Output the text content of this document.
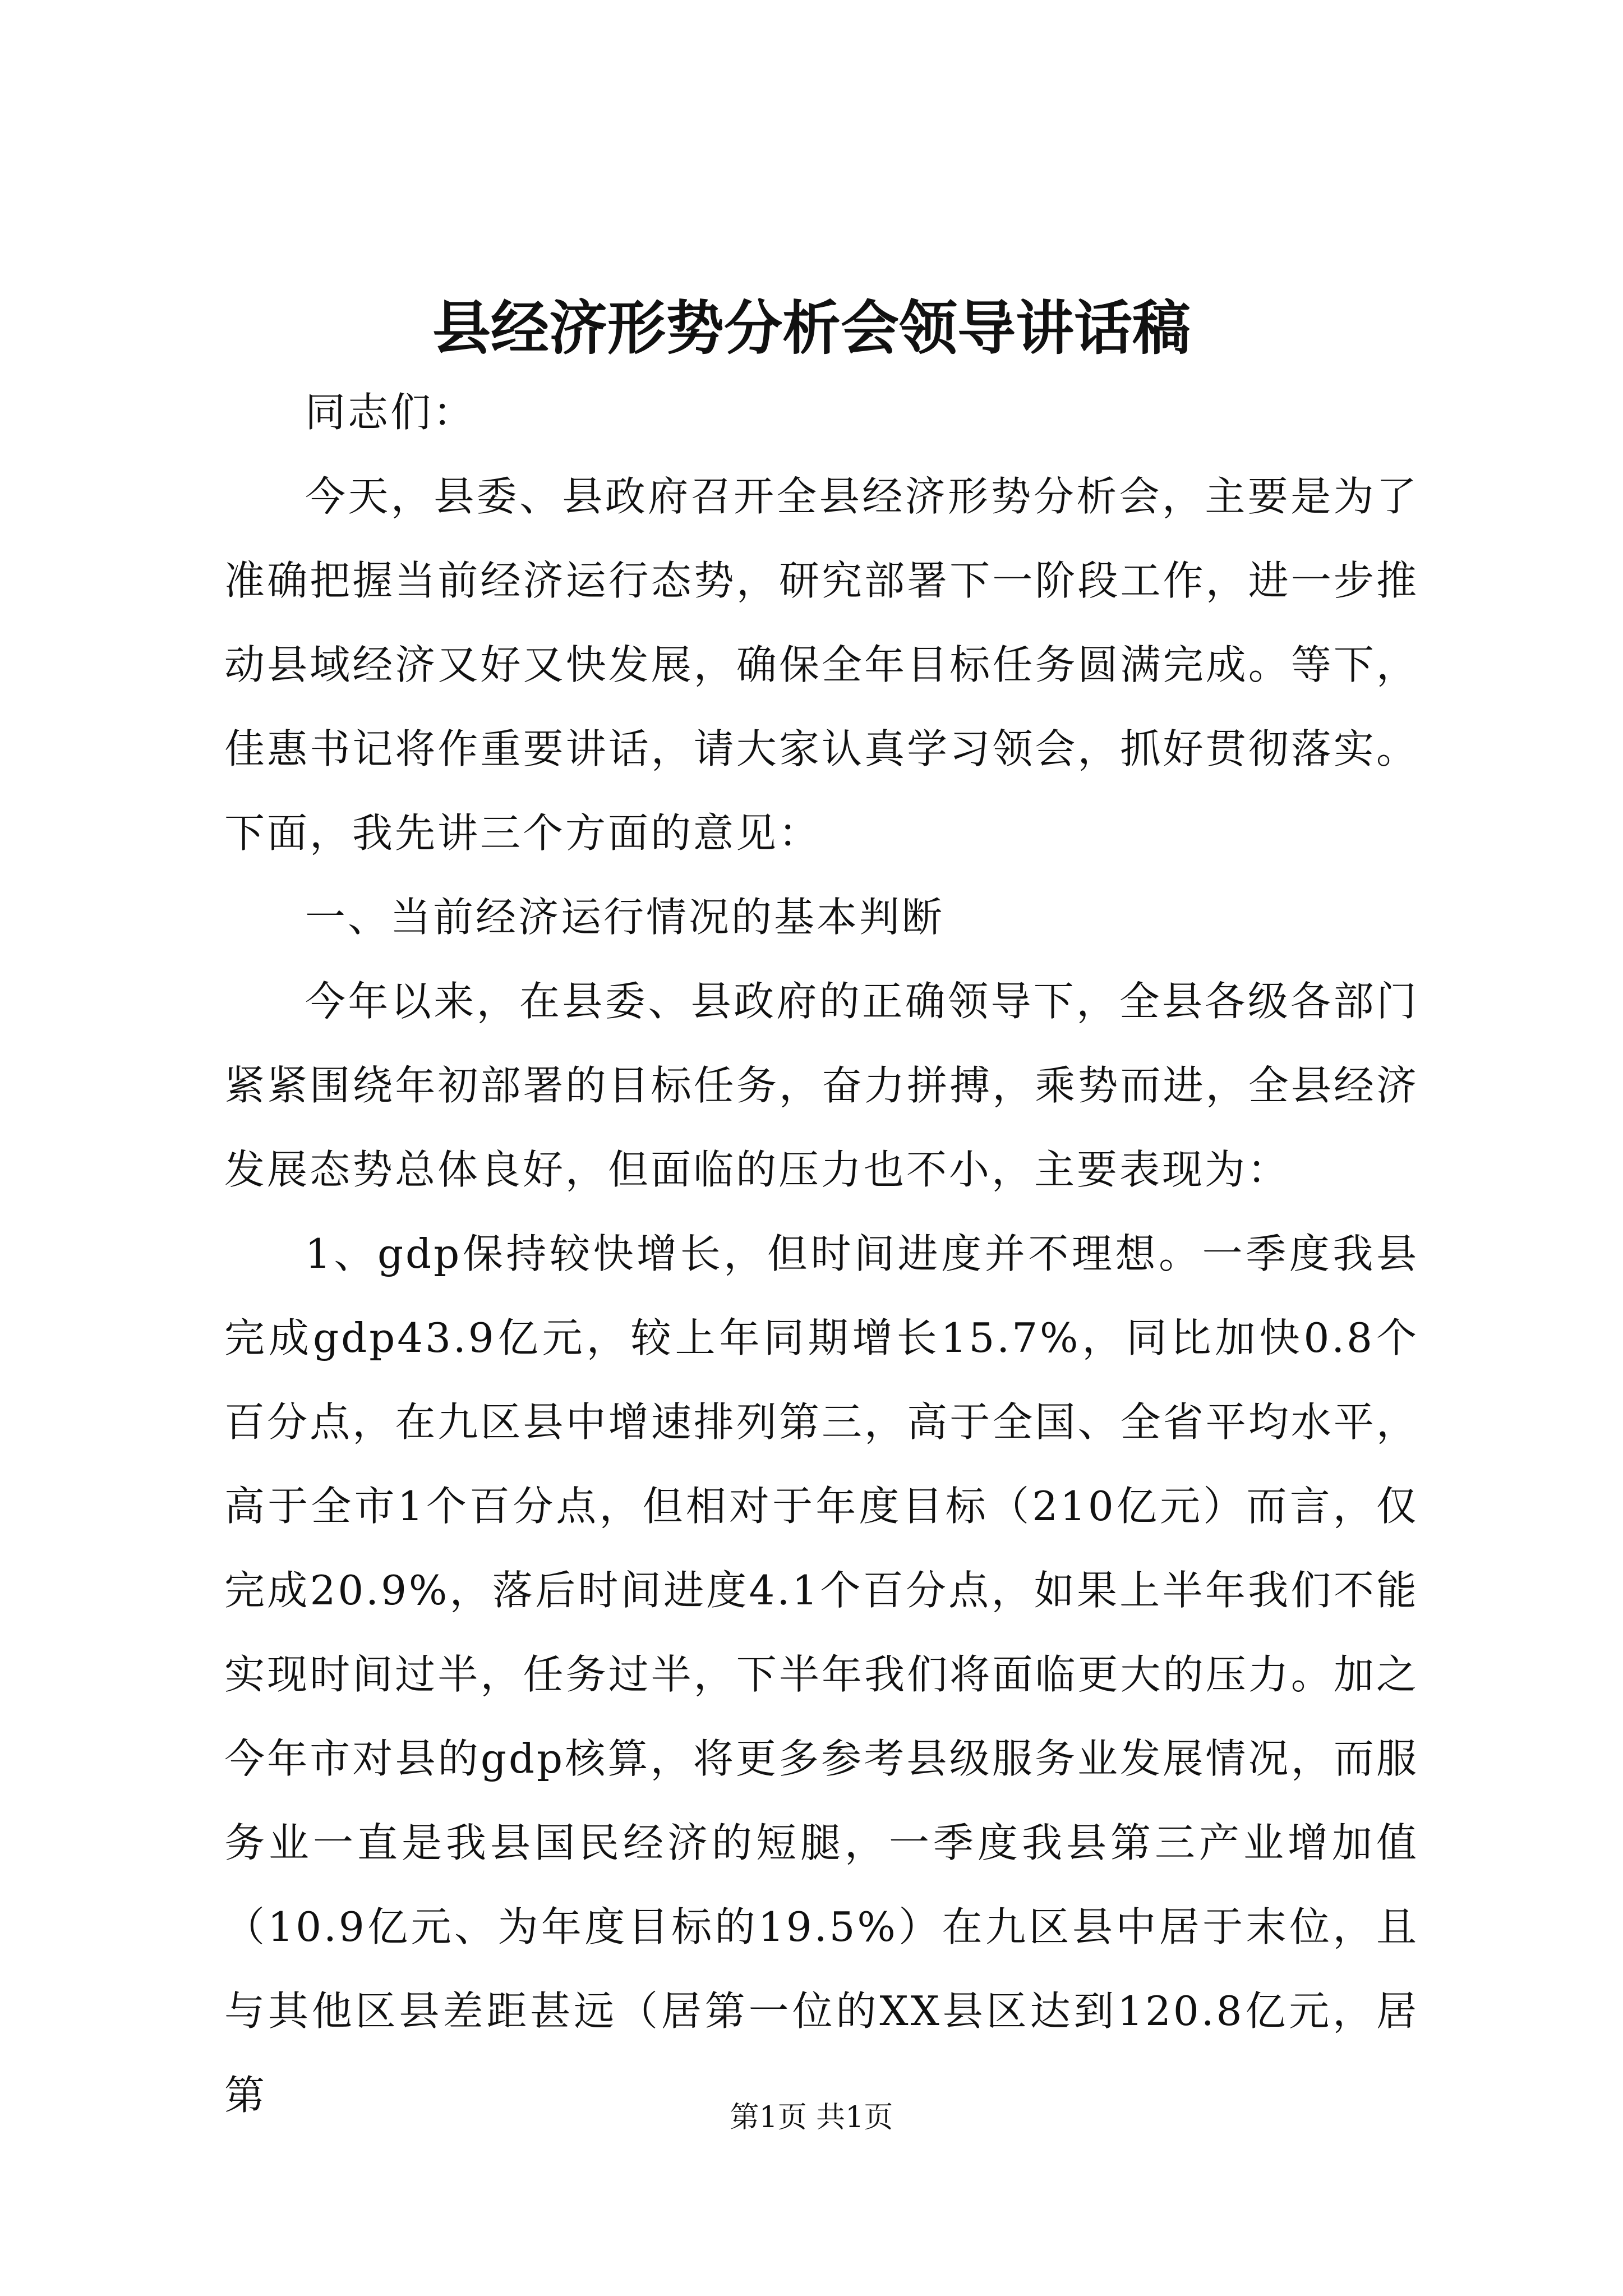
县经济形势分析会领导讲话稿

同志们：

今天，县委、县政府召开全县经济形势分析会，主要是为了准确把握当前经济运行态势，研究部署下一阶段工作，进一步推动县域经济又好又快发展，确保全年目标任务圆满完成。等下，佳惠书记将作重要讲话，请大家认真学习领会，抓好贯彻落实。下面，我先讲三个方面的意见：

一、当前经济运行情况的基本判断

今年以来，在县委、县政府的正确领导下，全县各级各部门紧紧围绕年初部署的目标任务，奋力拼搏，乘势而进，全县经济发展态势总体良好，但面临的压力也不小，主要表现为：

1、gdp保持较快增长，但时间进度并不理想。一季度我县完成gdp43.9亿元，较上年同期增长15.7%，同比加快0.8个百分点，在九区县中增速排列第三，高于全国、全省平均水平，高于全市1个百分点，但相对于年度目标（210亿元）而言，仅完成20.9%，落后时间进度4.1个百分点，如果上半年我们不能实现时间过半，任务过半，下半年我们将面临更大的压力。加之今年市对县的gdp核算，将更多参考县级服务业发展情况，而服务业一直是我县国民经济的短腿，一季度我县第三产业增加值（10.9亿元、为年度目标的19.5%）在九区县中居于末位，且与其他区县差距甚远（居第一位的XX县区达到120.8亿元，居第	第1页 共1页
